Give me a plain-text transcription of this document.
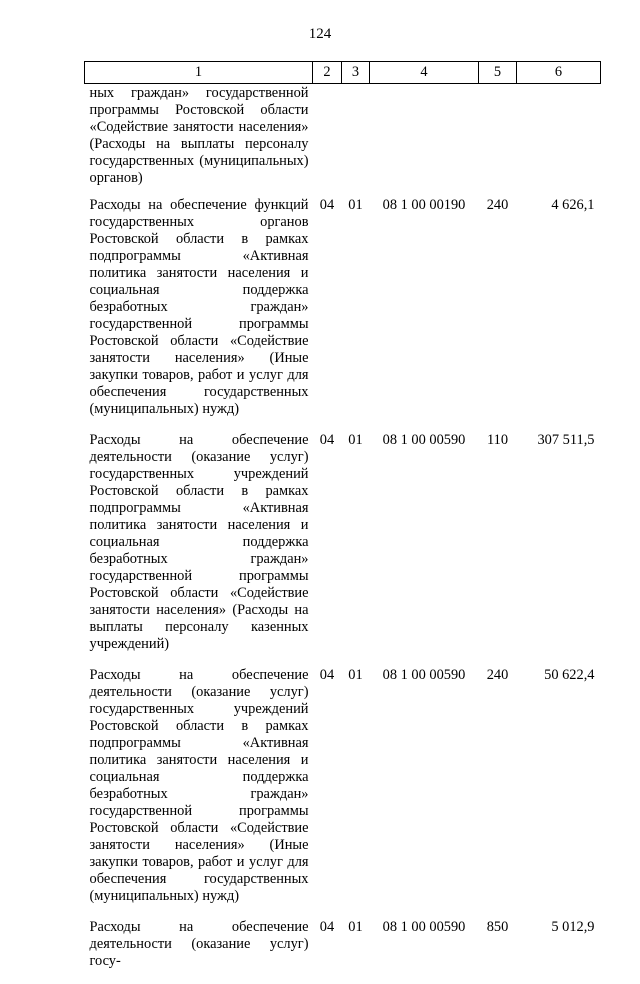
124
1	2	3	4	5	6
ных граждан» государственной программы Ростовской области «Содействие занятости населения» (Расходы на выплаты персоналу государственных (муниципальных) органов)					
Расходы на обеспечение функций государственных органов Ростовской области в рамках подпрограммы «Активная политика занятости населения и социальная поддержка безработных граждан» государственной программы Ростовской области «Содействие занятости населения» (Иные закупки товаров, работ и услуг для обеспечения государственных (муниципальных) нужд)	04	01	08 1 00 00190	240	4 626,1
Расходы на обеспечение деятельности (оказание услуг) государственных учреждений Ростовской области в рамках подпрограммы «Активная политика занятости населения и социальная поддержка безработных граждан» государственной программы Ростовской области «Содействие занятости населения» (Расходы на выплаты персоналу казенных учреждений)	04	01	08 1 00 00590	110	307 511,5
Расходы на обеспечение деятельности (оказание услуг) государственных учреждений Ростовской области в рамках подпрограммы «Активная политика занятости населения и социальная поддержка безработных граждан» государственной программы Ростовской области «Содействие занятости населения» (Иные закупки товаров, работ и услуг для обеспечения государственных (муниципальных) нужд)	04	01	08 1 00 00590	240	50 622,4
Расходы на обеспечение деятельности (оказание услуг) госу-	04	01	08 1 00 00590	850	5 012,9
